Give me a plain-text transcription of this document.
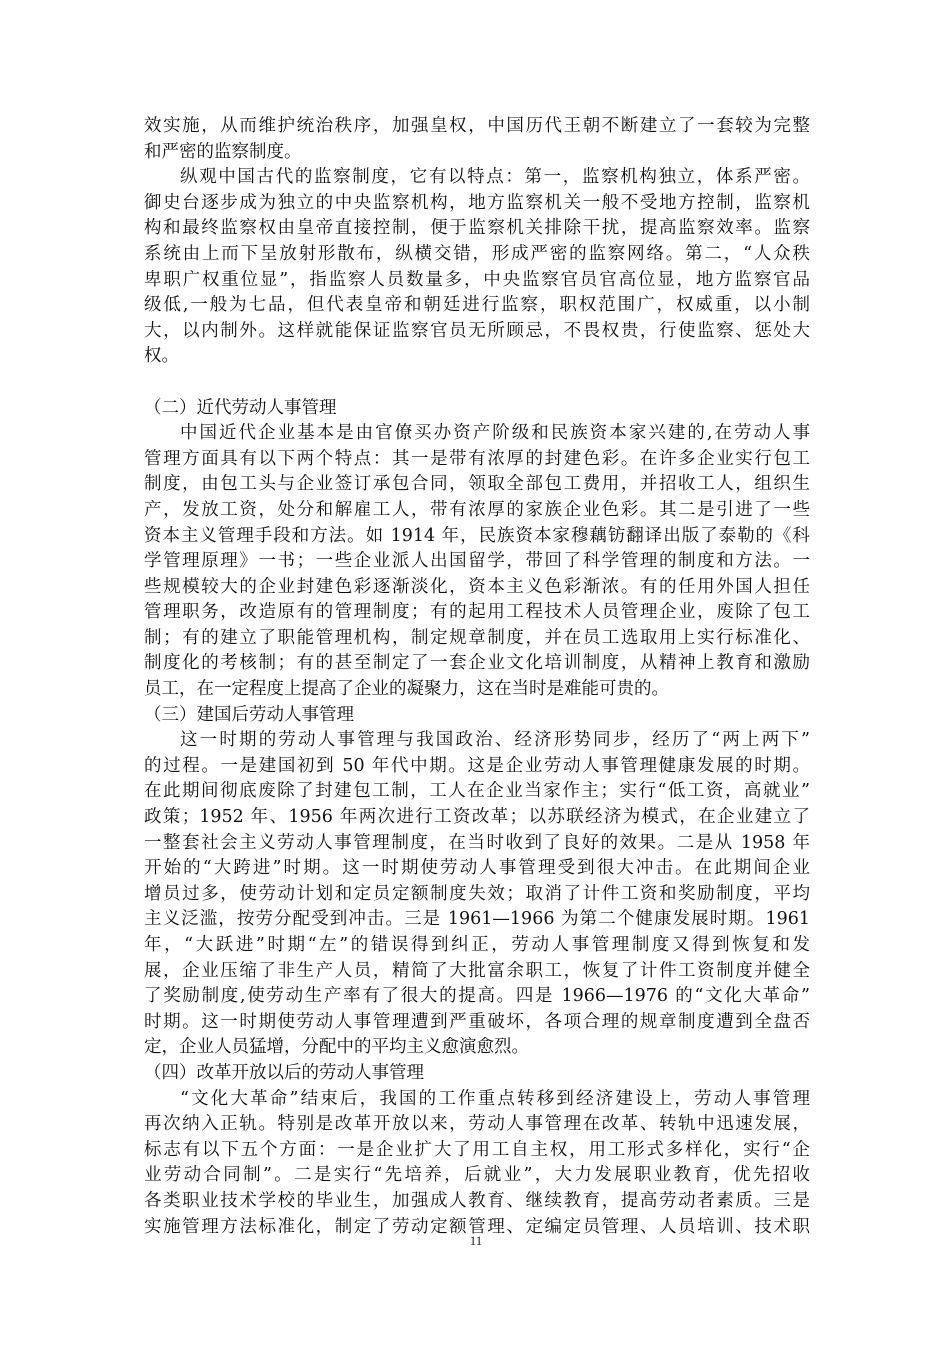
效实施，从而维护统治秩序，加强皇权，中国历代王朝不断建立了一套较为完整
和严密的监察制度。
纵观中国古代的监察制度，它有以特点：第一，监察机构独立，体系严密。
御史台逐步成为独立的中央监察机构，地方监察机关一般不受地方控制，监察机
构和最终监察权由皇帝直接控制，便于监察机关排除干扰，提高监察效率。监察
系统由上而下呈放射形散布，纵横交错，形成严密的监察网络。第二，“人众秩
卑职广权重位显”，指监察人员数量多，中央监察官员官高位显，地方监察官品
级低,一般为七品，但代表皇帝和朝廷进行监察，职权范围广，权威重，以小制
大，以内制外。这样就能保证监察官员无所顾忌，不畏权贵，行使监察、惩处大
权。
（二）近代劳动人事管理
中国近代企业基本是由官僚买办资产阶级和民族资本家兴建的,在劳动人事
管理方面具有以下两个特点：其一是带有浓厚的封建色彩。在许多企业实行包工
制度，由包工头与企业签订承包合同，领取全部包工费用，并招收工人，组织生
产，发放工资，处分和解雇工人，带有浓厚的家族企业色彩。其二是引进了一些
资本主义管理手段和方法。如 1914 年，民族资本家穆藕钫翻译出版了泰勒的《科
学管理原理》一书；一些企业派人出国留学，带回了科学管理的制度和方法。一
些规模较大的企业封建色彩逐渐淡化，资本主义色彩渐浓。有的任用外国人担任
管理职务，改造原有的管理制度；有的起用工程技术人员管理企业，废除了包工
制；有的建立了职能管理机构，制定规章制度，并在员工选取用上实行标准化、
制度化的考核制；有的甚至制定了一套企业文化培训制度，从精神上教育和激励
员工，在一定程度上提高了企业的凝聚力，这在当时是难能可贵的。
（三）建国后劳动人事管理
这一时期的劳动人事管理与我国政治、经济形势同步，经历了“两上两下”
的过程。一是建国初到 50 年代中期。这是企业劳动人事管理健康发展的时期。
在此期间彻底废除了封建包工制，工人在企业当家作主；实行“低工资，高就业”
政策；1952 年、1956 年两次进行工资改革；以苏联经济为模式，在企业建立了
一整套社会主义劳动人事管理制度，在当时收到了良好的效果。二是从 1958 年
开始的“大跨进”时期。这一时期使劳动人事管理受到很大冲击。在此期间企业
增员过多，使劳动计划和定员定额制度失效；取消了计件工资和奖励制度，平均
主义泛滥，按劳分配受到冲击。三是 1961—1966 为第二个健康发展时期。1961
年，“大跃进”时期“左”的错误得到纠正，劳动人事管理制度又得到恢复和发
展，企业压缩了非生产人员，精简了大批富余职工，恢复了计件工资制度并健全
了奖励制度,使劳动生产率有了很大的提高。四是 1966—1976 的“文化大革命”
时期。这一时期使劳动人事管理遭到严重破坏，各项合理的规章制度遭到全盘否
定，企业人员猛增，分配中的平均主义愈演愈烈。
（四）改革开放以后的劳动人事管理
“文化大革命”结束后，我国的工作重点转移到经济建设上，劳动人事管理
再次纳入正轨。特别是改革开放以来，劳动人事管理在改革、转轨中迅速发展，
标志有以下五个方面：一是企业扩大了用工自主权，用工形式多样化，实行“企
业劳动合同制”。二是实行“先培养，后就业”，大力发展职业教育，优先招收
各类职业技术学校的毕业生，加强成人教育、继续教育，提高劳动者素质。三是
实施管理方法标准化，制定了劳动定额管理、定编定员管理、人员培训、技术职
11
